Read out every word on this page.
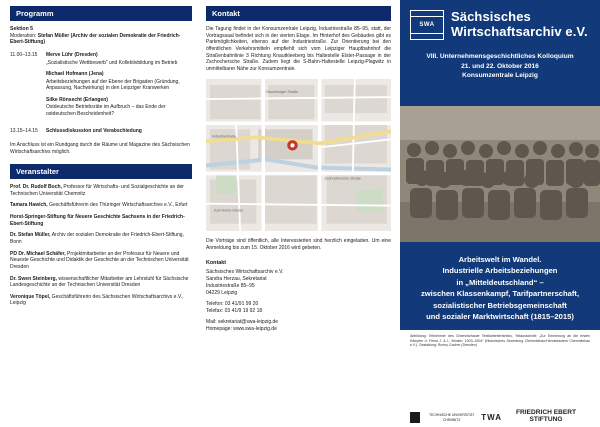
Programm
Sektion 5
Moderation: Stefan Müller (Archiv der sozialen Demokratie der Friedrich-Ebert-Stiftung)
11.00–13.15	Merve Lühr (Dresden)
„Sozialistische Wettbewerb“ und Kollektivbildung im Betrieb
Michael Hofmann (Jena)
Arbeitsbeziehungen auf der Ebene der Brigaden (Gründung, Anpassung, Nachwirkung) in den Leipziger Kranwerken
Silke Rönsecht (Erlangen)
Ostdeutsche Betriebsräte im Aufbruch – das Ende der ostdeutschen Bescheidenheit?
13.15–14.15	Schlussdiskussion und Verabschiedung
Im Anschluss ist ein Rundgang durch die Räume und Magazine des Sächsischen Wirtschaftsarchivs möglich.
Veranstalter
Prof. Dr. Rudolf Boch, Professor für Wirtschafts- und Sozialgeschichte an der Technischen Universität Chemnitz
Tamara Hawich, Geschäftsführerin des Thüringer Wirtschaftsarchivs e.V., Erfurt
Horst-Springer-Stiftung für Neuere Geschichte Sachsens in der Friedrich-Ebert-Stiftung
Dr. Stefan Müller, Archiv der sozialen Demokratie der Friedrich-Ebert-Stiftung, Bonn
PD Dr. Michael Schäfer, Projektmitarbeiter an der Professur für Neuere und Neueste Geschichte und Didaktik der Geschichte an der Technischen Universität Dresden
Dr. Swen Steinberg, wissenschaftlicher Mitarbeiter am Lehrstuhl für Sächsische Landesgeschichte an der Technischen Universität Dresden
Veronique Töpel, Geschäftsführerin des Sächsischen Wirtschaftsarchivs e.V., Leipzig
Kontakt
Die Tagung findet in der Konsumzentrale Leipzig, Industriestraße 85–95, statt, der Vortragssaal befindet sich in der vierten Etage. Im Hinterhof des Gebäudes gibt es Parkmöglichkeiten, ebenso auf der Industriestraße. Zur Orientierung bei den öffentlichen Verkehrsmitteln empfiehlt sich vom Leipziger Hauptbahnhof die Straßenbahnlinie 3 Richtung Knautkleeberg bis Haltestelle Elster-Passage in der Zschochersche Straße. Zudem liegt die S-Bahn-Haltestelle Leipzig-Plagwitz in unmittelbarer Nähe zur Konsumzentrale.
Industriestraße
Zschochersche Straße
Karl-Heine-Straße
Naumburger Straße
Die Vorträge sind öffentlich, alle Interessierten sind herzlich eingeladen. Um eine Anmeldung bis zum 15. Oktober 2016 wird gebeten.
Kontakt
Sächsisches Wirtschaftsarchiv e.V.
Sandra Herzau, Sekretariat
Industriestraße 85–95
04229 Leipzig
Telefon: 03 41/91 99 20
Telefax: 03 41/9 19 92 18
Mail: sekretariat@swa-leipzig.de
Homepage: www.swa-leipzig.de
SWA
Sächsisches
Wirtschaftsarchiv e.V.
VIII. Unternehmensgeschichtliches Kolloquium
21. und 22. Oktober 2016
Konsumzentrale Leipzig
Arbeitswelt im Wandel.
Industrielle Arbeitsbeziehungen
in „Mitteldeutschland“ –
zwischen Klassenkampf, Tarifpartnerschaft,
sozialistischer Betriebsgemeinschaft
und sozialer Marktwirtschaft (1815–2015)
Abbildung: Teilnehmer des Chemnitzhauer Textilarbeiterstreiks, Teilausschnitt: „Zur Erinnerung an die ersten Kämpfer d. Firma J. & L. Brinkm. 1903–1904“ (Historisches Sammlung Chemnitzhau/Hennekastern Chemnitzhau e.V.). Gestaltung: Ronny Gocher (Dresden)
TECHNISCHE UNIVERSITÄT CHEMNITZ	TWA
FRIEDRICH EBERT STIFTUNG
